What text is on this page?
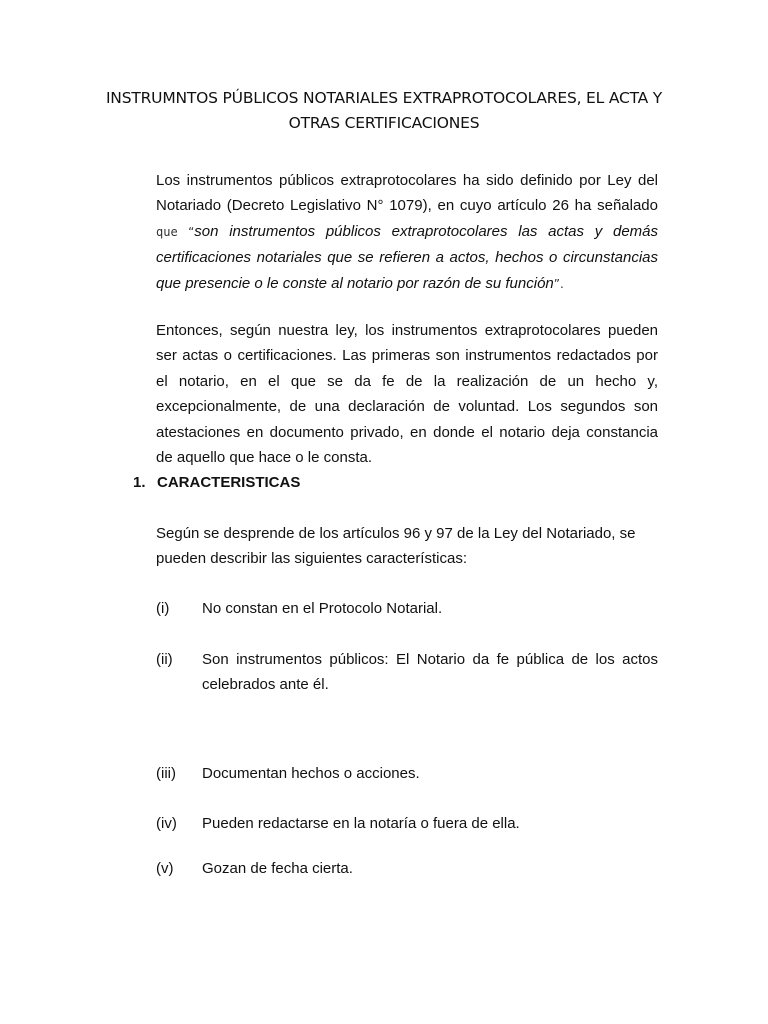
INSTRUMNTOS PÚBLICOS NOTARIALES EXTRAPROTOCOLARES, EL ACTA Y
OTRAS CERTIFICACIONES
Los instrumentos públicos extraprotocolares ha sido definido por Ley del Notariado (Decreto Legislativo N° 1079), en cuyo artículo 26 ha señalado que “son instrumentos públicos extraprotocolares las actas y demás certificaciones notariales que se refieren a actos, hechos o circunstancias que presencie o le conste al notario por razón de su función”.
Entonces, según nuestra ley, los instrumentos extraprotocolares pueden ser actas o certificaciones. Las primeras son instrumentos redactados por el notario, en el que se da fe de la realización de un hecho y, excepcionalmente, de una declaración de voluntad. Los segundos son atestaciones en documento privado, en donde el notario deja constancia de aquello que hace o le consta.
1. CARACTERISTICAS
Según se desprende de los artículos 96 y 97 de la Ley del Notariado, se pueden describir las siguientes características:
(i)	No constan en el Protocolo Notarial.
(ii)	Son instrumentos públicos: El Notario da fe pública de los actos celebrados ante él.
(iii)	Documentan hechos o acciones.
(iv)	Pueden redactarse en la notaría o fuera de ella.
(v)	Gozan de fecha cierta.
